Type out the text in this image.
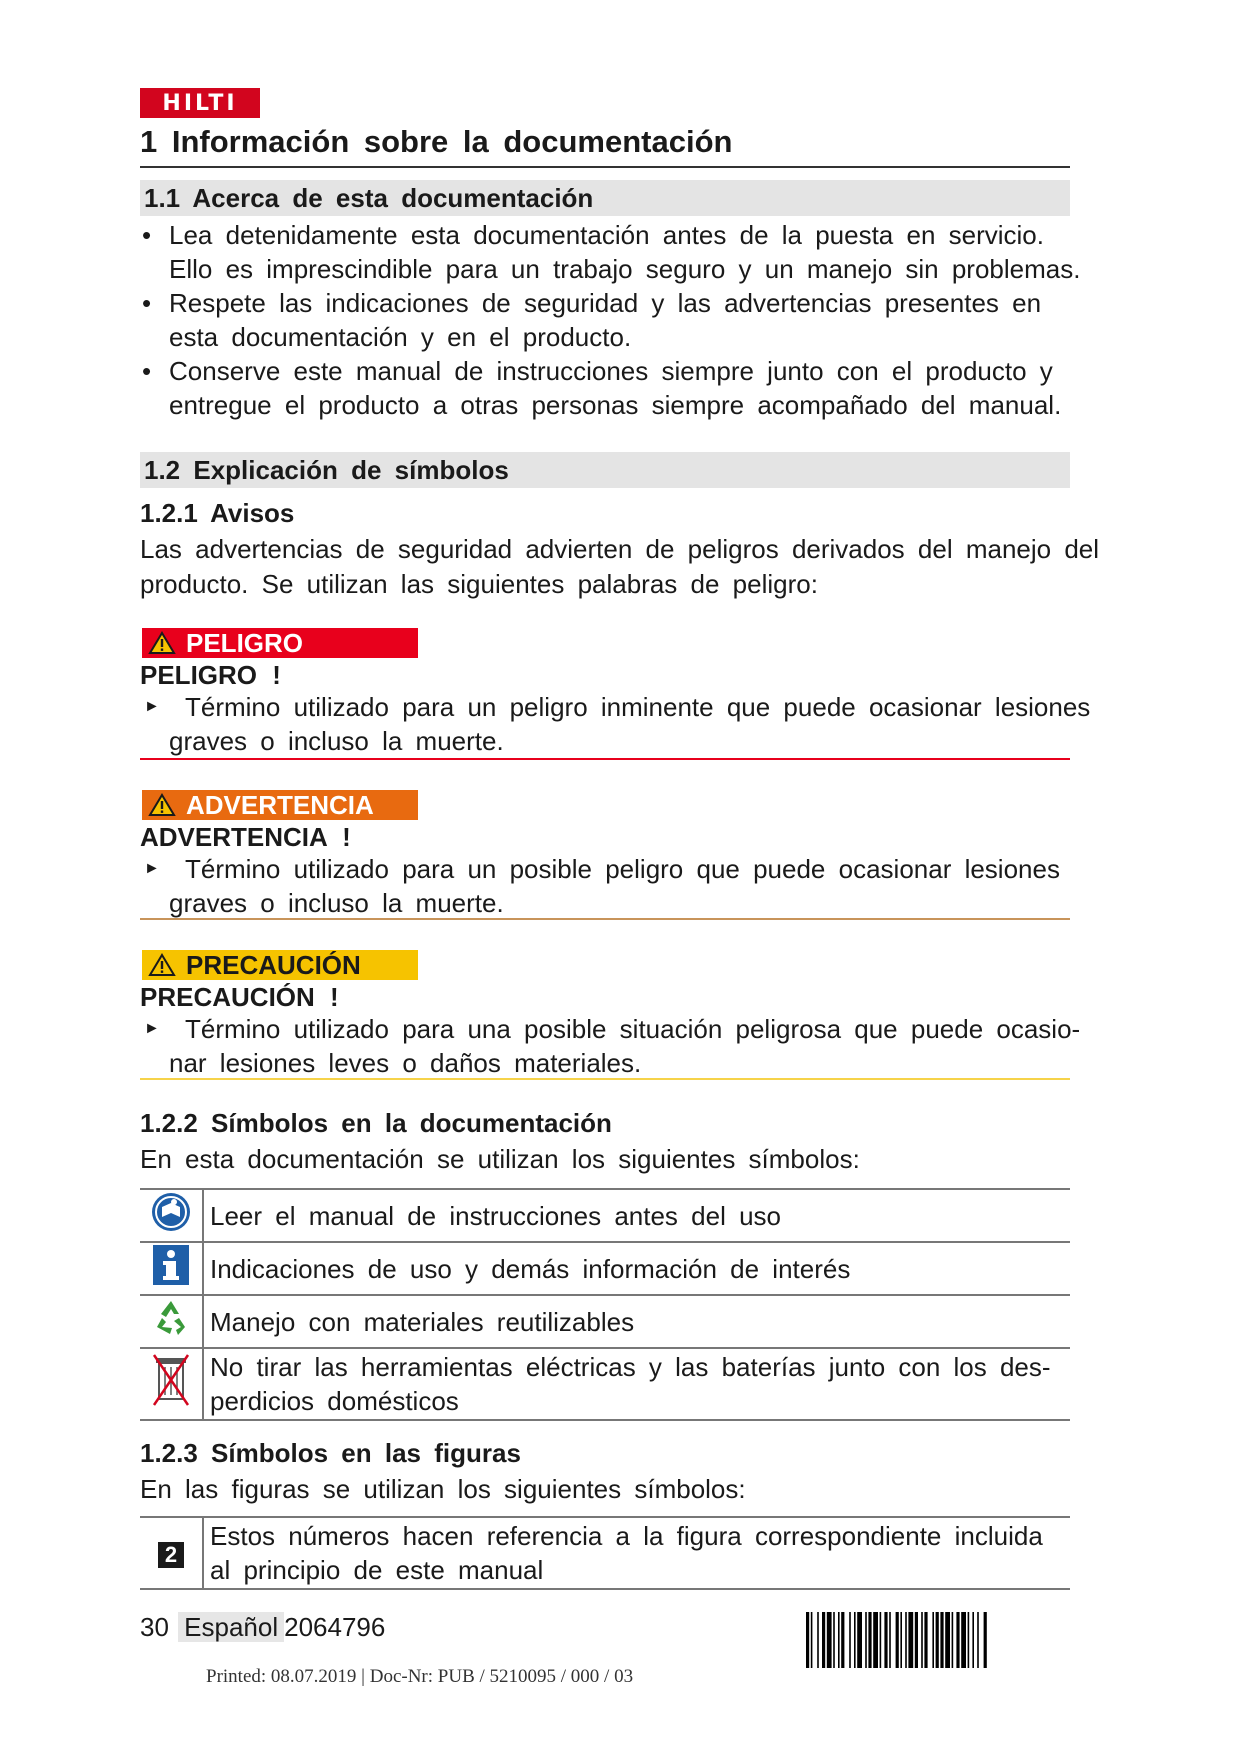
HILTI
1 Información sobre la documentación
1.1 Acerca de esta documentación
• Lea detenidamente esta documentación antes de la puesta en servicio.
Ello es imprescindible para un trabajo seguro y un manejo sin problemas.
• Respete las indicaciones de seguridad y las advertencias presentes en
esta documentación y en el producto.
• Conserve este manual de instrucciones siempre junto con el producto y
entregue el producto a otras personas siempre acompañado del manual.
1.2 Explicación de símbolos
1.2.1 Avisos
Las advertencias de seguridad advierten de peligros derivados del manejo del producto. Se utilizan las siguientes palabras de peligro:
PELIGRO
PELIGRO !
► Término utilizado para un peligro inminente que puede ocasionar lesiones
graves o incluso la muerte.
ADVERTENCIA
ADVERTENCIA !
► Término utilizado para un posible peligro que puede ocasionar lesiones
graves o incluso la muerte.
PRECAUCIÓN
PRECAUCIÓN !
► Término utilizado para una posible situación peligrosa que puede ocasio-
nar lesiones leves o daños materiales.
1.2.2 Símbolos en la documentación
En esta documentación se utilizan los siguientes símbolos:
	Leer el manual de instrucciones antes del uso
	Indicaciones de uso y demás información de interés
	Manejo con materiales reutilizables
	No tirar las herramientas eléctricas y las baterías junto con los des-
perdicios domésticos
1.2.3 Símbolos en las figuras
En las figuras se utilizan los siguientes símbolos:
2	Estos números hacen referencia a la figura correspondiente incluida
al principio de este manual
30 Español 2064796
Printed: 08.07.2019 | Doc-Nr: PUB / 5210095 / 000 / 03
